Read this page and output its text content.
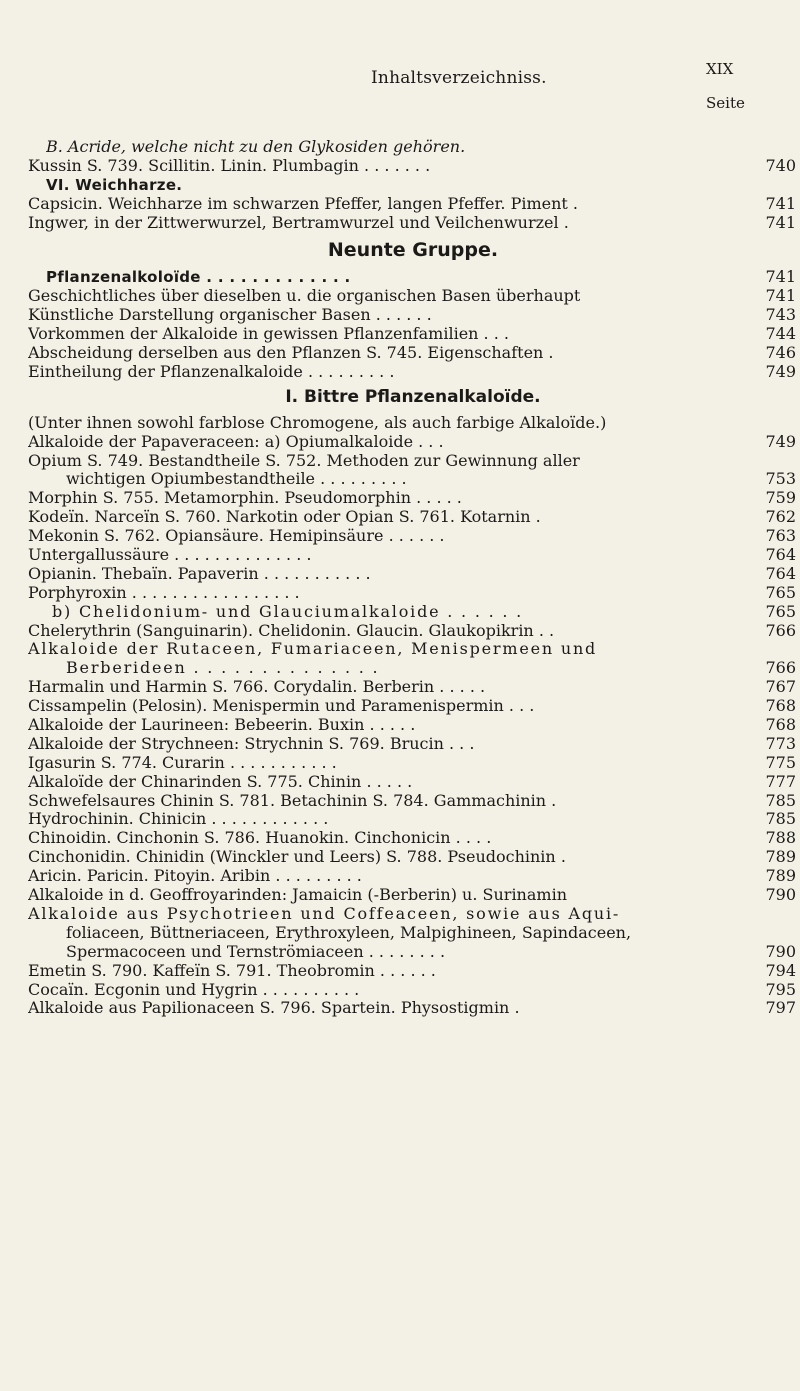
Inhaltsverzeichniss.	XIX
Seite
B. Acride, welche nicht zu den Glykosiden gehören.
Kussin S. 739. Scillitin. Linin. Plumbagin . . . . . . .	740
VI. Weichharze.
Capsicin. Weichharze im schwarzen Pfeffer, langen Pfeffer. Piment .	741
Ingwer, in der Zittwerwurzel, Bertramwurzel und Veilchenwurzel .	741
Neunte Gruppe.
Pflanzenalkoloïde . . . . . . . . . . . . .	741
Geschichtliches über dieselben u. die organischen Basen überhaupt	741
Künstliche Darstellung organischer Basen . . . . . .	743
Vorkommen der Alkaloide in gewissen Pflanzenfamilien . . .	744
Abscheidung derselben aus den Pflanzen S. 745. Eigenschaften .	746
Eintheilung der Pflanzenalkaloide . . . . . . . . .	749
I. Bittre Pflanzenalkaloïde.
(Unter ihnen sowohl farblose Chromogene, als auch farbige Alkaloïde.)
Alkaloide der Papaveraceen: a) Opiumalkaloide . . .	749
Opium S. 749. Bestandtheile S. 752. Methoden zur Gewinnung aller
wichtigen Opiumbestandtheile . . . . . . . . .	753
Morphin S. 755. Metamorphin. Pseudomorphin . . . . .	759
Kodeïn. Narceïn S. 760. Narkotin oder Opian S. 761. Kotarnin .	762
Mekonin S. 762. Opiansäure. Hemipinsäure . . . . . .	763
Untergallussäure . . . . . . . . . . . . . .	764
Opianin. Thebaïn. Papaverin . . . . . . . . . . .	764
Porphyroxin . . . . . . . . . . . . . . . . .	765
b) Chelidonium- und Glauciumalkaloide . . . . . .	765
Chelerythrin (Sanguinarin). Chelidonin. Glaucin. Glaukopikrin . .	766
Alkaloide der Rutaceen, Fumariaceen, Menispermeen und
Berberideen . . . . . . . . . . . . . .	766
Harmalin und Harmin S. 766. Corydalin. Berberin . . . . .	767
Cissampelin (Pelosin). Menispermin und Paramenispermin . . .	768
Alkaloide der Laurineen: Bebeerin. Buxin . . . . .	768
Alkaloide der Strychneen: Strychnin S. 769. Brucin . . .	773
Igasurin S. 774. Curarin . . . . . . . . . . .	775
Alkaloïde der Chinarinden S. 775. Chinin . . . . .	777
Schwefelsaures Chinin S. 781. Betachinin S. 784. Gammachinin .	785
Hydrochinin. Chinicin . . . . . . . . . . . .	785
Chinoidin. Cinchonin S. 786. Huanokin. Cinchonicin . . . .	788
Cinchonidin. Chinidin (Winckler und Leers) S. 788. Pseudochinin .	789
Aricin. Paricin. Pitoyin. Aribin . . . . . . . . .	789
Alkaloide in d. Geoffroyarinden: Jamaicin (-Berberin) u. Surinamin	790
Alkaloide aus Psychotrieen und Coffeaceen, sowie aus Aqui-
foliaceen, Büttneriaceen, Erythroxyleen, Malpighineen, Sapindaceen,
Spermacoceen und Ternströmiaceen . . . . . . . .	790
Emetin S. 790. Kaffeïn S. 791. Theobromin . . . . . .	794
Cocaïn. Ecgonin und Hygrin . . . . . . . . . .	795
Alkaloide aus Papilionaceen S. 796. Spartein. Physostigmin .	797
